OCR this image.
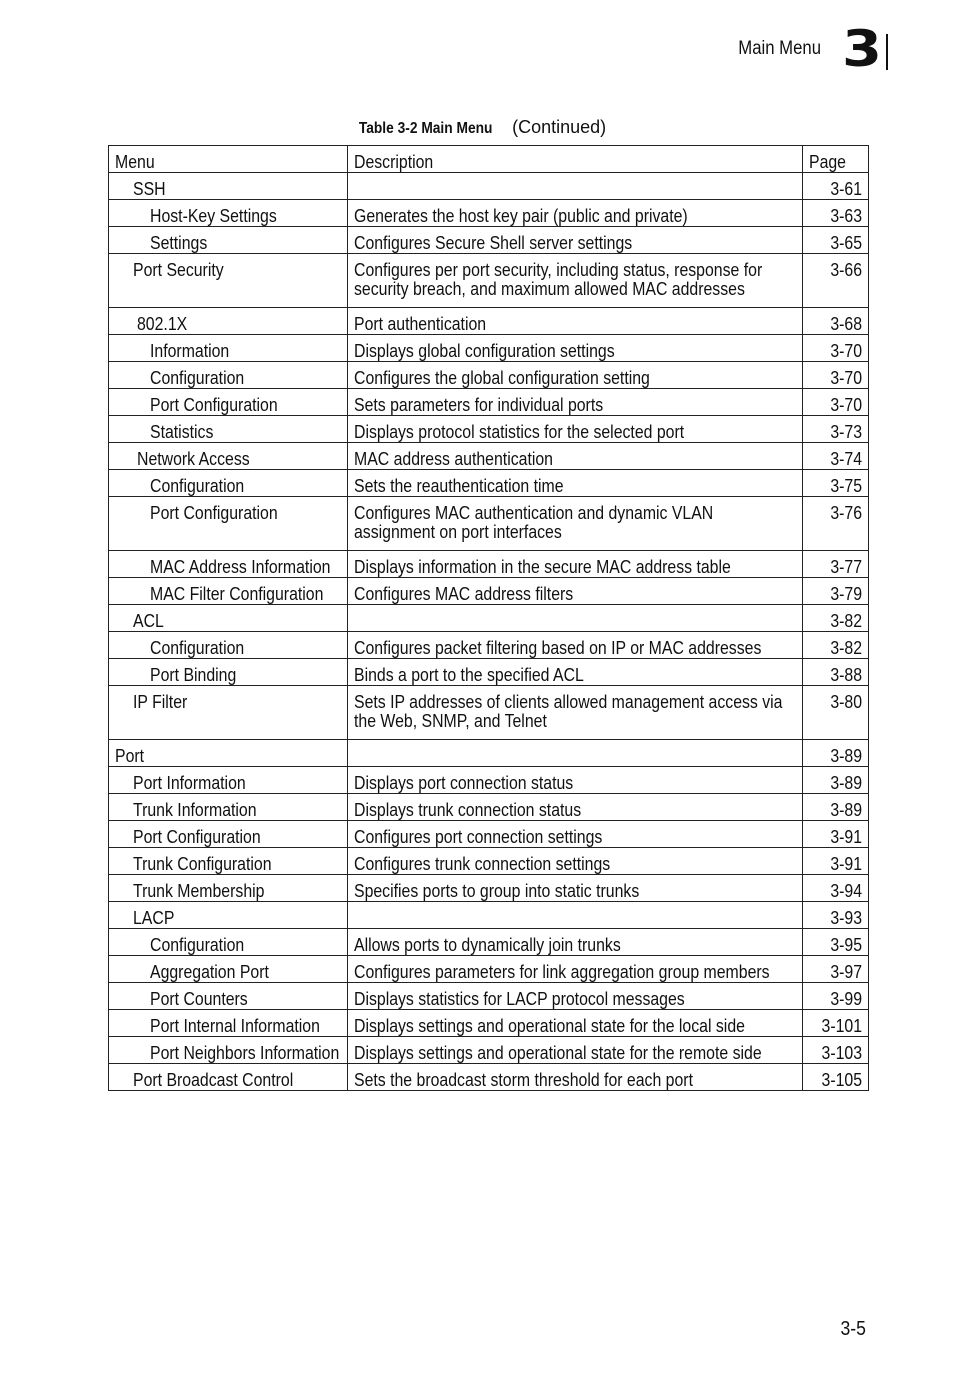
Main Menu 3
Table 3-2 Main Menu (Continued)
Menu	Description	Page
SSH		3-61
Host-Key Settings	Generates the host key pair (public and private)	3-63
Settings	Configures Secure Shell server settings	3-65
Port Security	Configures per port security, including status, response for security breach, and maximum allowed MAC addresses	3-66
802.1X	Port authentication	3-68
Information	Displays global configuration settings	3-70
Configuration	Configures the global configuration setting	3-70
Port Configuration	Sets parameters for individual ports	3-70
Statistics	Displays protocol statistics for the selected port	3-73
Network Access	MAC address authentication	3-74
Configuration	Sets the reauthentication time	3-75
Port Configuration	Configures MAC authentication and dynamic VLAN assignment on port interfaces	3-76
MAC Address Information	Displays information in the secure MAC address table	3-77
MAC Filter Configuration	Configures MAC address filters	3-79
ACL		3-82
Configuration	Configures packet filtering based on IP or MAC addresses	3-82
Port Binding	Binds a port to the specified ACL	3-88
IP Filter	Sets IP addresses of clients allowed management access via the Web, SNMP, and Telnet	3-80
Port		3-89
Port Information	Displays port connection status	3-89
Trunk Information	Displays trunk connection status	3-89
Port Configuration	Configures port connection settings	3-91
Trunk Configuration	Configures trunk connection settings	3-91
Trunk Membership	Specifies ports to group into static trunks	3-94
LACP		3-93
Configuration	Allows ports to dynamically join trunks	3-95
Aggregation Port	Configures parameters for link aggregation group members	3-97
Port Counters	Displays statistics for LACP protocol messages	3-99
Port Internal Information	Displays settings and operational state for the local side	3-101
Port Neighbors Information	Displays settings and operational state for the remote side	3-103
Port Broadcast Control	Sets the broadcast storm threshold for each port	3-105
3-5
